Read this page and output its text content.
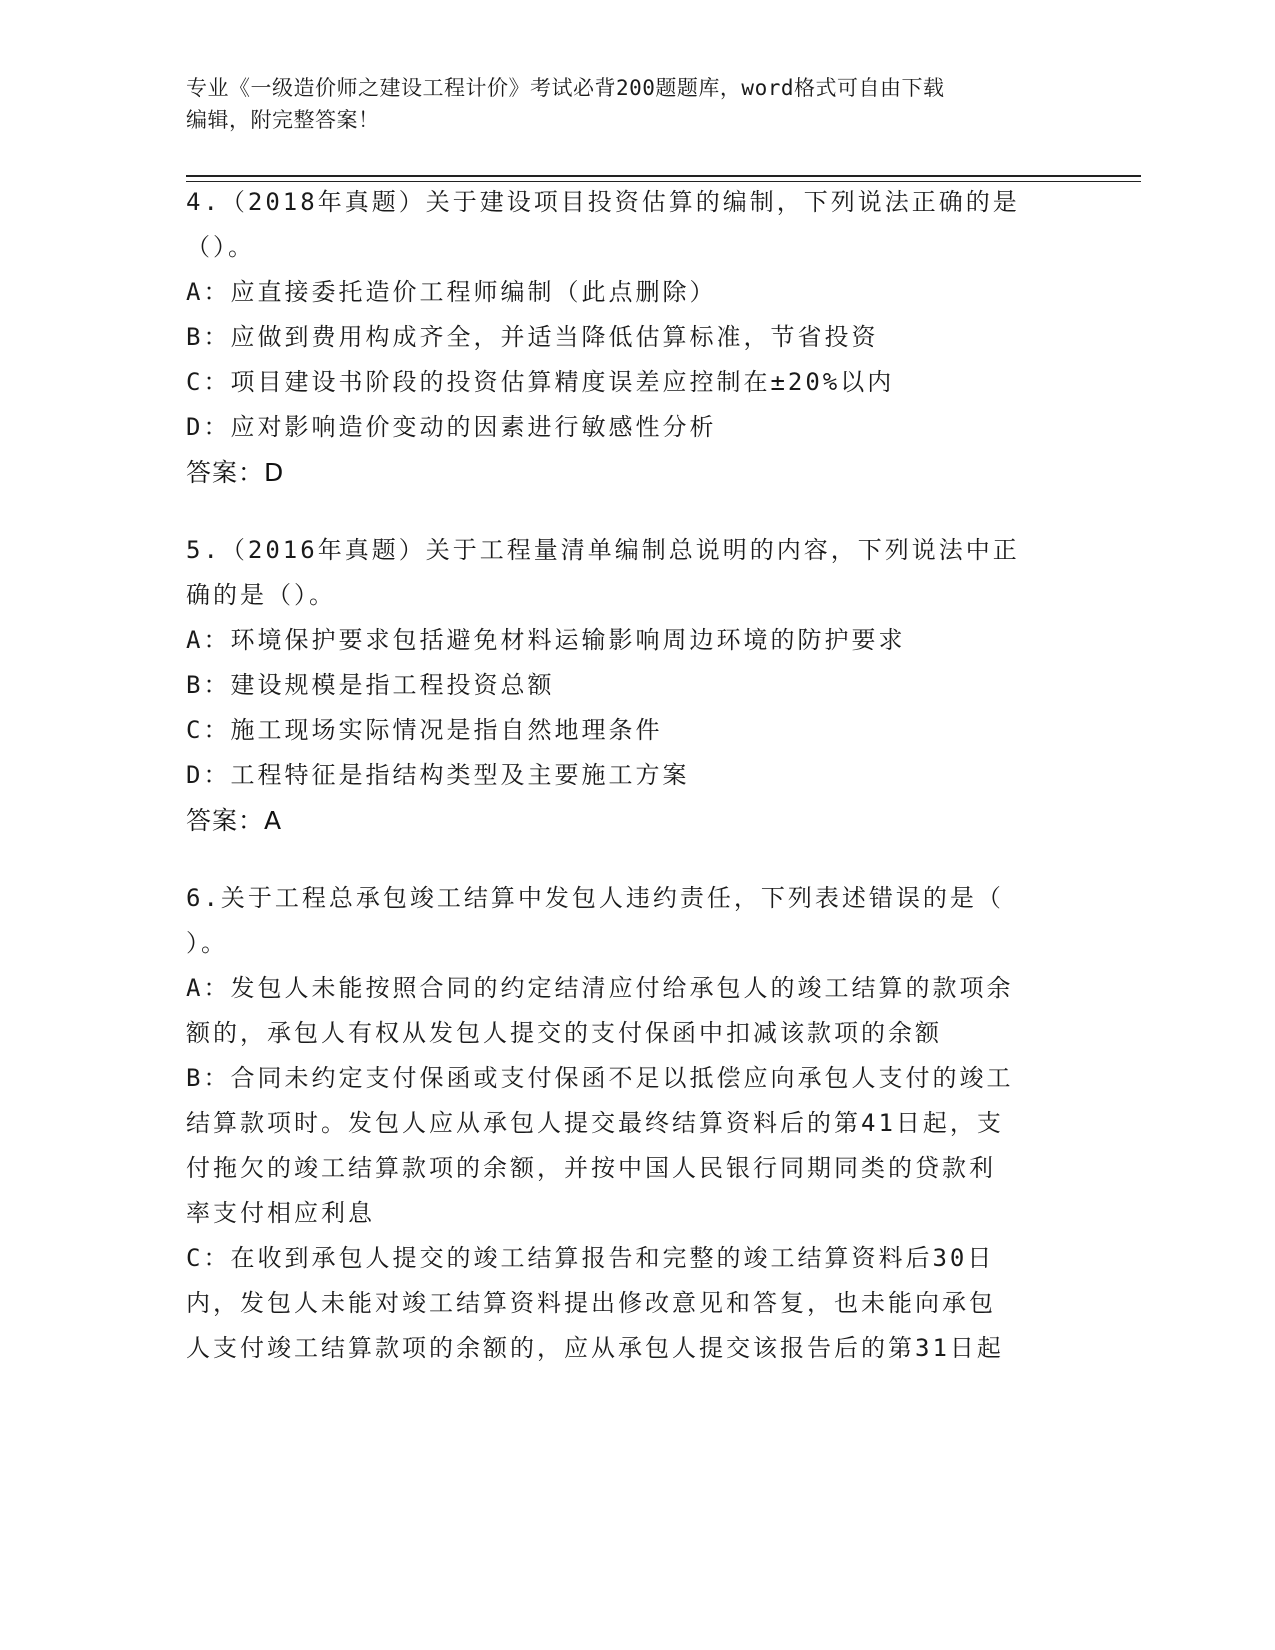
专业《一级造价师之建设工程计价》考试必背200题题库，word格式可自由下载
编辑，附完整答案！

4.（2018年真题）关于建设项目投资估算的编制，下列说法正确的是

（）。

A：应直接委托造价工程师编制（此点删除）

B：应做到费用构成齐全，并适当降低估算标准，节省投资

C：项目建设书阶段的投资估算精度误差应控制在±20%以内

D：应对影响造价变动的因素进行敏感性分析

答案：D

5.（2016年真题）关于工程量清单编制总说明的内容，下列说法中正

确的是（）。

A：环境保护要求包括避免材料运输影响周边环境的防护要求

B：建设规模是指工程投资总额

C：施工现场实际情况是指自然地理条件

D：工程特征是指结构类型及主要施工方案

答案：A

6.关于工程总承包竣工结算中发包人违约责任，下列表述错误的是（

）。

A：发包人未能按照合同的约定结清应付给承包人的竣工结算的款项余

额的，承包人有权从发包人提交的支付保函中扣减该款项的余额

B：合同未约定支付保函或支付保函不足以抵偿应向承包人支付的竣工

结算款项时。发包人应从承包人提交最终结算资料后的第41日起，支

付拖欠的竣工结算款项的余额，并按中国人民银行同期同类的贷款利

率支付相应利息

C：在收到承包人提交的竣工结算报告和完整的竣工结算资料后30日

内，发包人未能对竣工结算资料提出修改意见和答复，也未能向承包

人支付竣工结算款项的余额的，应从承包人提交该报告后的第31日起
